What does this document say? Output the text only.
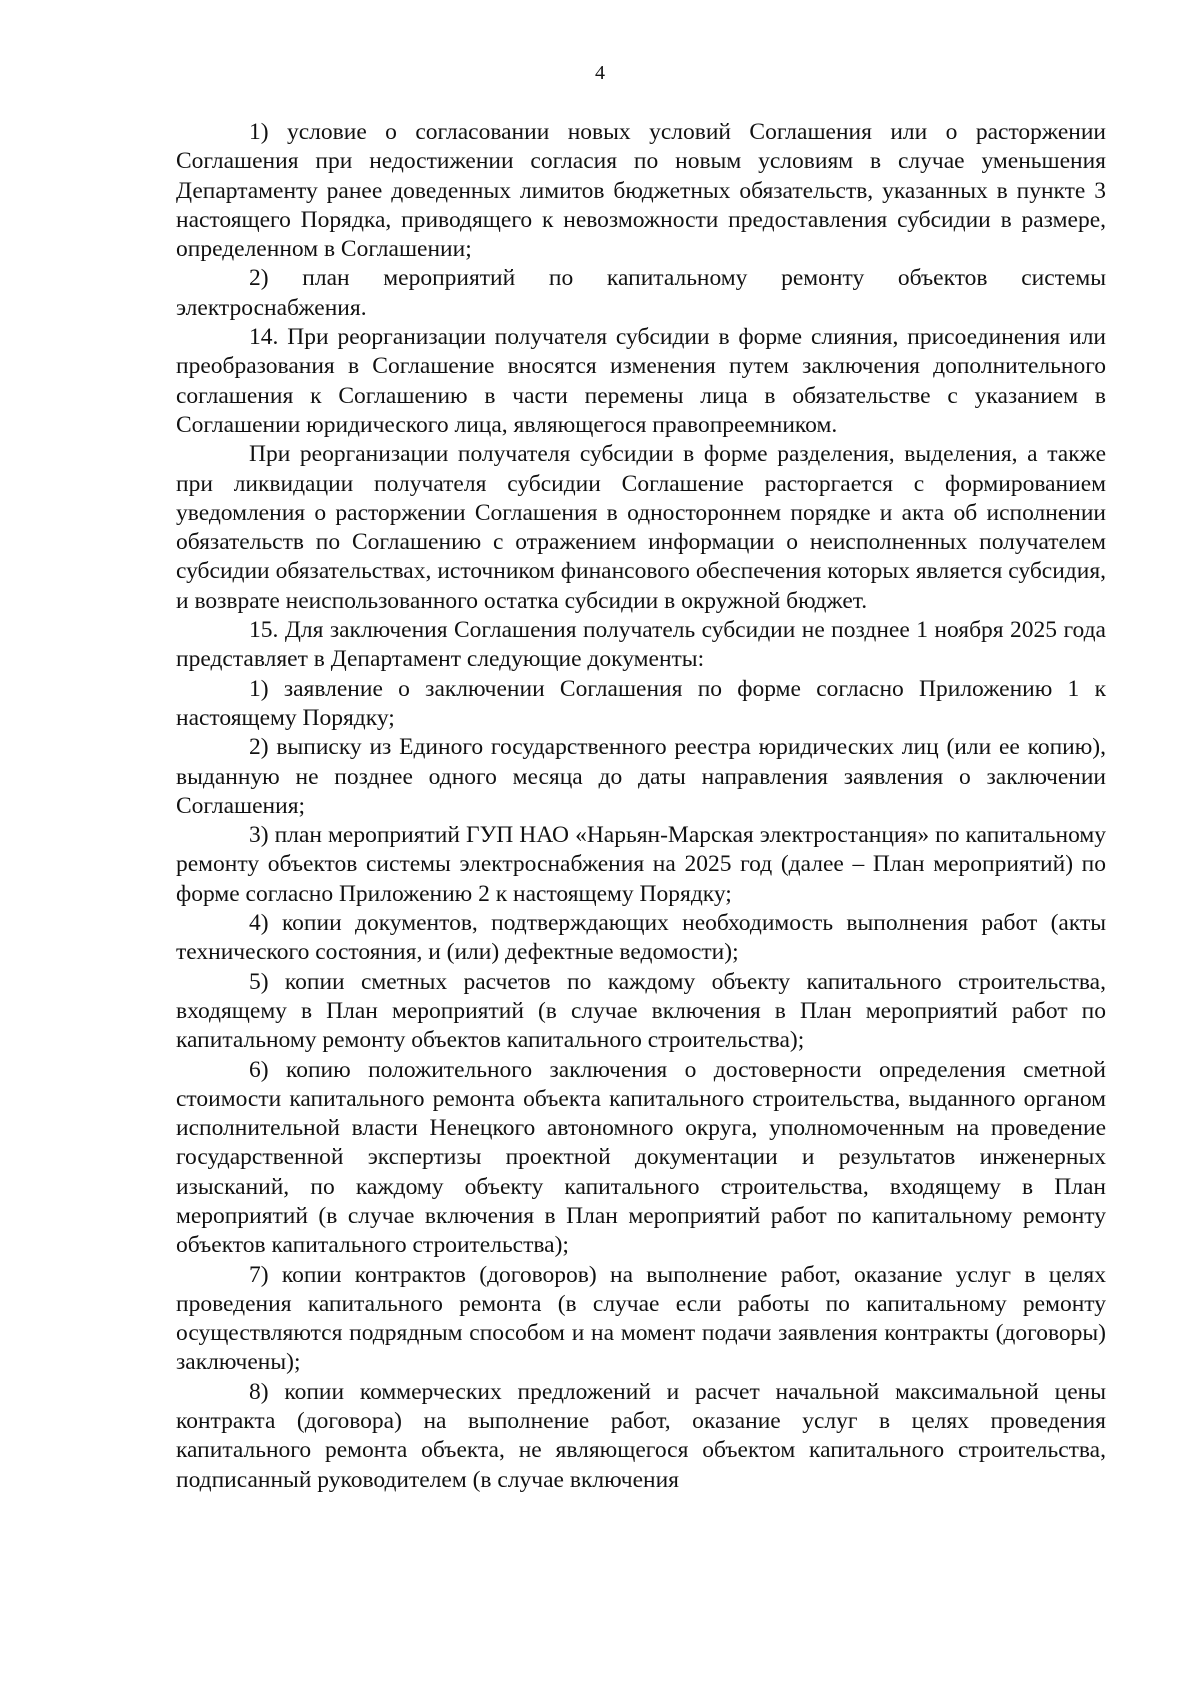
4

1) условие о согласовании новых условий Соглашения или о расторжении Соглашения при недостижении согласия по новым условиям в случае уменьшения Департаменту ранее доведенных лимитов бюджетных обязательств, указанных в пункте 3 настоящего Порядка, приводящего к невозможности предоставления субсидии в размере, определенном в Соглашении;

2) план мероприятий по капитальному ремонту объектов системы электроснабжения.

14. При реорганизации получателя субсидии в форме слияния, присоединения или преобразования в Соглашение вносятся изменения путем заключения дополнительного соглашения к Соглашению в части перемены лица в обязательстве с указанием в Соглашении юридического лица, являющегося правопреемником.

При реорганизации получателя субсидии в форме разделения, выделения, а также при ликвидации получателя субсидии Соглашение расторгается с формированием уведомления о расторжении Соглашения в одностороннем порядке и акта об исполнении обязательств по Соглашению с отражением информации о неисполненных получателем субсидии обязательствах, источником финансового обеспечения которых является субсидия, и возврате неиспользованного остатка субсидии в окружной бюджет.

15. Для заключения Соглашения получатель субсидии не позднее 1 ноября 2025 года представляет в Департамент следующие документы:

1) заявление о заключении Соглашения по форме согласно Приложению 1 к настоящему Порядку;

2) выписку из Единого государственного реестра юридических лиц (или ее копию), выданную не позднее одного месяца до даты направления заявления о заключении Соглашения;

3) план мероприятий ГУП НАО «Нарьян-Марская электростанция» по капитальному ремонту объектов системы электроснабжения на 2025 год (далее – План мероприятий) по форме согласно Приложению 2 к настоящему Порядку;

4) копии документов, подтверждающих необходимость выполнения работ (акты технического состояния, и (или) дефектные ведомости);

5) копии сметных расчетов по каждому объекту капитального строительства, входящему в План мероприятий (в случае включения в План мероприятий работ по капитальному ремонту объектов капитального строительства);

6) копию положительного заключения о достоверности определения сметной стоимости капитального ремонта объекта капитального строительства, выданного органом исполнительной власти Ненецкого автономного округа, уполномоченным на проведение государственной экспертизы проектной документации и результатов инженерных изысканий, по каждому объекту капитального строительства, входящему в План мероприятий (в случае включения в План мероприятий работ по капитальному ремонту объектов капитального строительства);

7) копии контрактов (договоров) на выполнение работ, оказание услуг в целях проведения капитального ремонта (в случае если работы по капитальному ремонту осуществляются подрядным способом и на момент подачи заявления контракты (договоры) заключены);

8) копии коммерческих предложений и расчет начальной максимальной цены контракта (договора) на выполнение работ, оказание услуг в целях проведения капитального ремонта объекта, не являющегося объектом капитального строительства, подписанный руководителем (в случае включения
